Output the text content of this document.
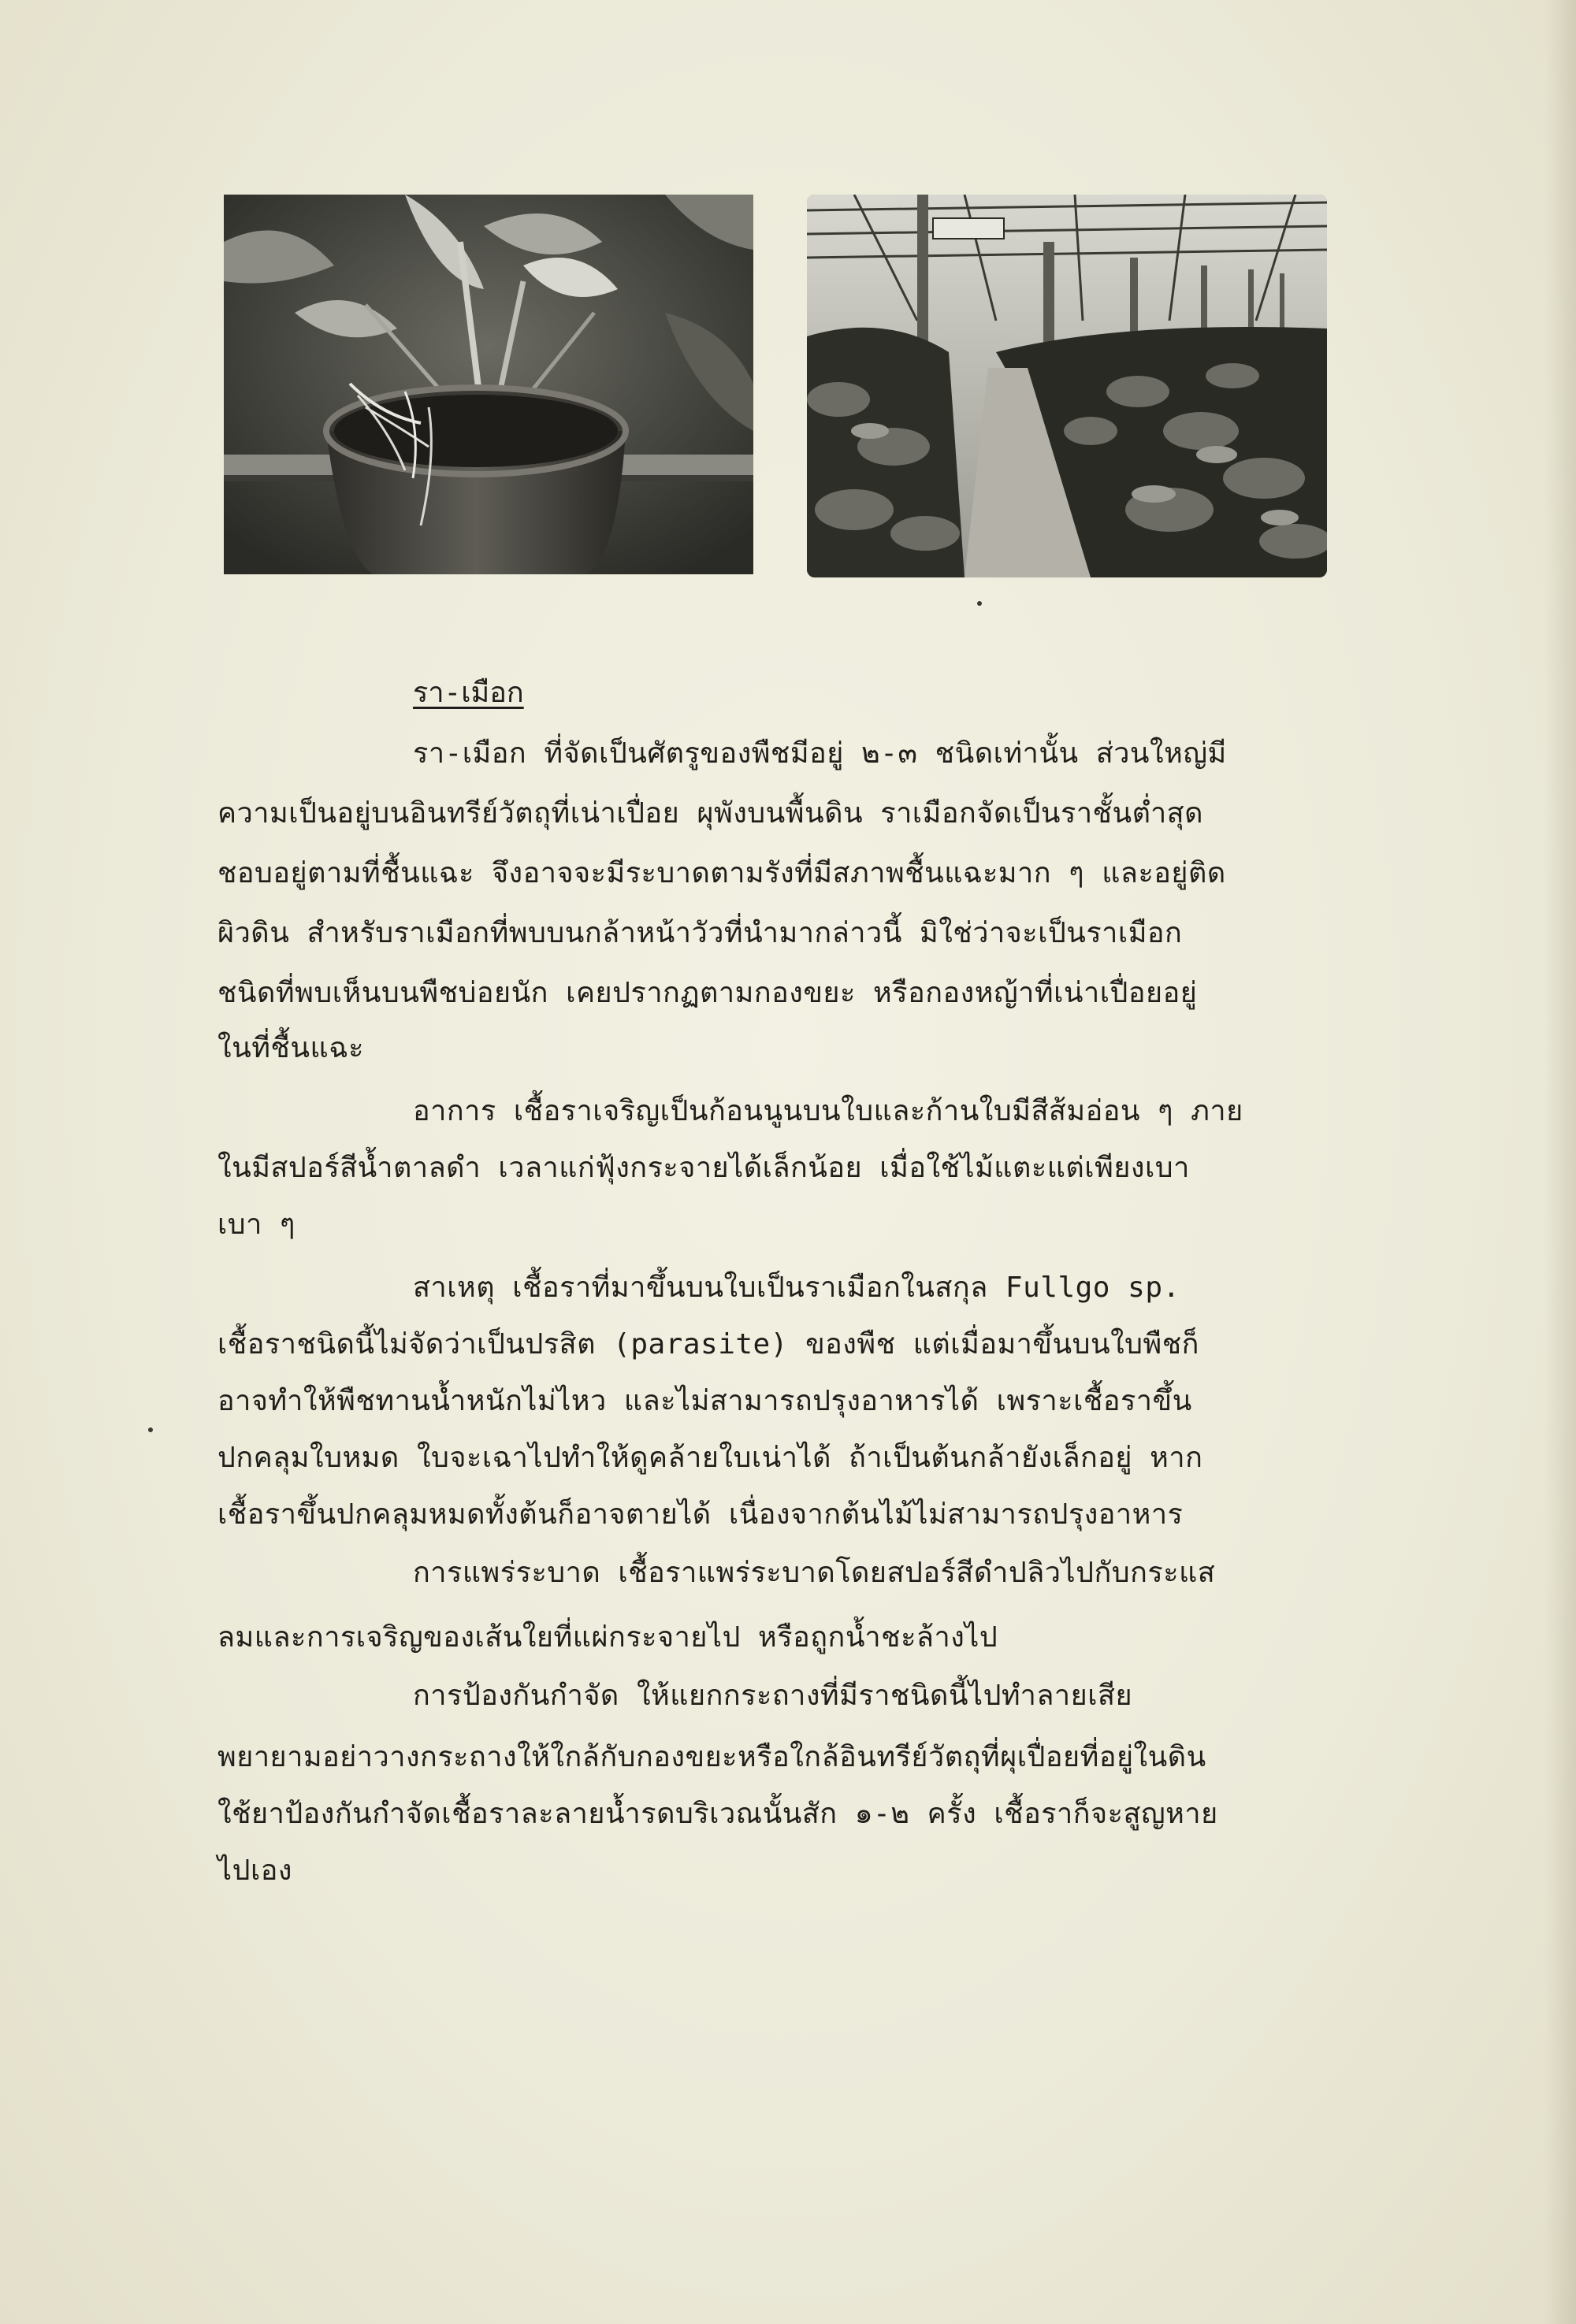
รา-เมือก
รา-เมือก ที่จัดเป็นศัตรูของพืชมีอยู่ ๒-๓ ชนิดเท่านั้น ส่วนใหญ่มี
ความเป็นอยู่บนอินทรีย์วัตถุที่เน่าเปื่อย ผุพังบนพื้นดิน ราเมือกจัดเป็นราชั้นต่ำสุด
ชอบอยู่ตามที่ชื้นแฉะ จึงอาจจะมีระบาดตามรังที่มีสภาพชื้นแฉะมาก ๆ และอยู่ติด
ผิวดิน สำหรับราเมือกที่พบบนกล้าหน้าวัวที่นำมากล่าวนี้ มิใช่ว่าจะเป็นราเมือก
ชนิดที่พบเห็นบนพืชบ่อยนัก เคยปรากฏตามกองขยะ หรือกองหญ้าที่เน่าเปื่อยอยู่
ในที่ชื้นแฉะ
อาการ เชื้อราเจริญเป็นก้อนนูนบนใบและก้านใบมีสีส้มอ่อน ๆ ภาย
ในมีสปอร์สีน้ำตาลดำ เวลาแก่ฟุ้งกระจายได้เล็กน้อย เมื่อใช้ไม้แตะแต่เพียงเบา
เบา ๆ
สาเหตุ เชื้อราที่มาขึ้นบนใบเป็นราเมือกในสกุล Fullgo sp.
เชื้อราชนิดนี้ไม่จัดว่าเป็นปรสิต (parasite) ของพืช แต่เมื่อมาขึ้นบนใบพืชก็
อาจทำให้พืชทานน้ำหนักไม่ไหว และไม่สามารถปรุงอาหารได้ เพราะเชื้อราขึ้น
ปกคลุมใบหมด ใบจะเฉาไปทำให้ดูคล้ายใบเน่าได้ ถ้าเป็นต้นกล้ายังเล็กอยู่ หาก
เชื้อราขึ้นปกคลุมหมดทั้งต้นก็อาจตายได้ เนื่องจากต้นไม้ไม่สามารถปรุงอาหาร
การแพร่ระบาด เชื้อราแพร่ระบาดโดยสปอร์สีดำปลิวไปกับกระแส
ลมและการเจริญของเส้นใยที่แผ่กระจายไป หรือถูกน้ำชะล้างไป
การป้องกันกำจัด ให้แยกกระถางที่มีราชนิดนี้ไปทำลายเสีย
พยายามอย่าวางกระถางให้ใกล้กับกองขยะหรือใกล้อินทรีย์วัตถุที่ผุเปื่อยที่อยู่ในดิน
ใช้ยาป้องกันกำจัดเชื้อราละลายน้ำรดบริเวณนั้นสัก ๑-๒ ครั้ง เชื้อราก็จะสูญหาย
ไปเอง
